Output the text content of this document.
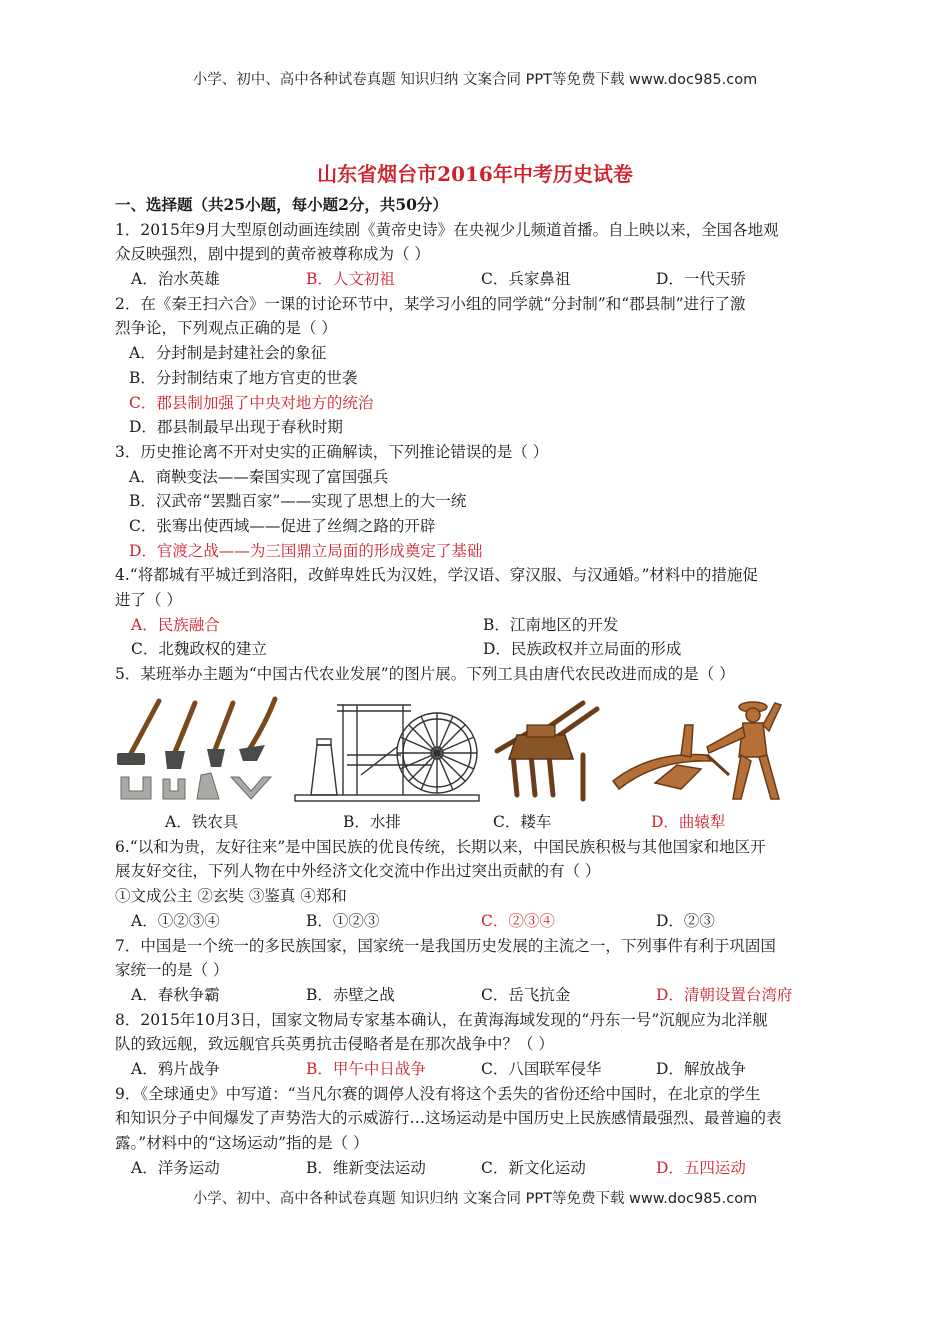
小学、初中、高中各种试卷真题 知识归纳 文案合同 PPT等免费下载 www.doc985.com
山东省烟台市2016年中考历史试卷
一、选择题（共25小题，每小题2分，共50分）
1．2015年9月大型原创动画连续剧《黄帝史诗》在央视少儿频道首播。自上映以来，全国各地观
众反映强烈，剧中提到的黄帝被尊称成为（ ）
A．治水英雄	B．人文初祖	C．兵家鼻祖	D．一代天骄
2．在《秦王扫六合》一课的讨论环节中，某学习小组的同学就“分封制”和“郡县制”进行了激
烈争论，下列观点正确的是（ ）
A．分封制是封建社会的象征
B．分封制结束了地方官吏的世袭
C．郡县制加强了中央对地方的统治
D．郡县制最早出现于春秋时期
3．历史推论离不开对史实的正确解读，下列推论错误的是（ ）
A．商鞅变法——秦国实现了富国强兵
B．汉武帝“罢黜百家”——实现了思想上的大一统
C．张骞出使西域——促进了丝绸之路的开辟
D．官渡之战——为三国鼎立局面的形成奠定了基础
4.“将都城有平城迁到洛阳，改鲜卑姓氏为汉姓，学汉语、穿汉服、与汉通婚。”材料中的措施促
进了（ ）
A．民族融合	B．江南地区的开发
C．北魏政权的建立	D．民族政权并立局面的形成
5．某班举办主题为“中国古代农业发展”的图片展。下列工具由唐代农民改进而成的是（ ）
A．铁农具	B．水排	C．耧车	D．曲辕犁
6.“以和为贵，友好往来”是中国民族的优良传统，长期以来，中国民族积极与其他国家和地区开
展友好交往，下列人物在中外经济文化交流中作出过突出贡献的有（ ）
①文成公主 ②玄奘 ③鉴真 ④郑和
A．①②③④	B．①②③	C．②③④	D．②③
7．中国是一个统一的多民族国家，国家统一是我国历史发展的主流之一，下列事件有利于巩固国
家统一的是（ ）
A．春秋争霸	B．赤壁之战	C．岳飞抗金	D．清朝设置台湾府
8．2015年10月3日，国家文物局专家基本确认，在黄海海域发现的“丹东一号”沉舰应为北洋舰
队的致远舰，致远舰官兵英勇抗击侵略者是在那次战争中？（ ）
A．鸦片战争	B．甲午中日战争	C．八国联军侵华	D．解放战争
9．《全球通史》中写道：“当凡尔赛的调停人没有将这个丢失的省份还给中国时，在北京的学生
和知识分子中间爆发了声势浩大的示威游行…这场运动是中国历史上民族感情最强烈、最普遍的表
露。”材料中的“这场运动”指的是（ ）
A．洋务运动	B．维新变法运动	C．新文化运动	D．五四运动
小学、初中、高中各种试卷真题 知识归纳 文案合同 PPT等免费下载 www.doc985.com
